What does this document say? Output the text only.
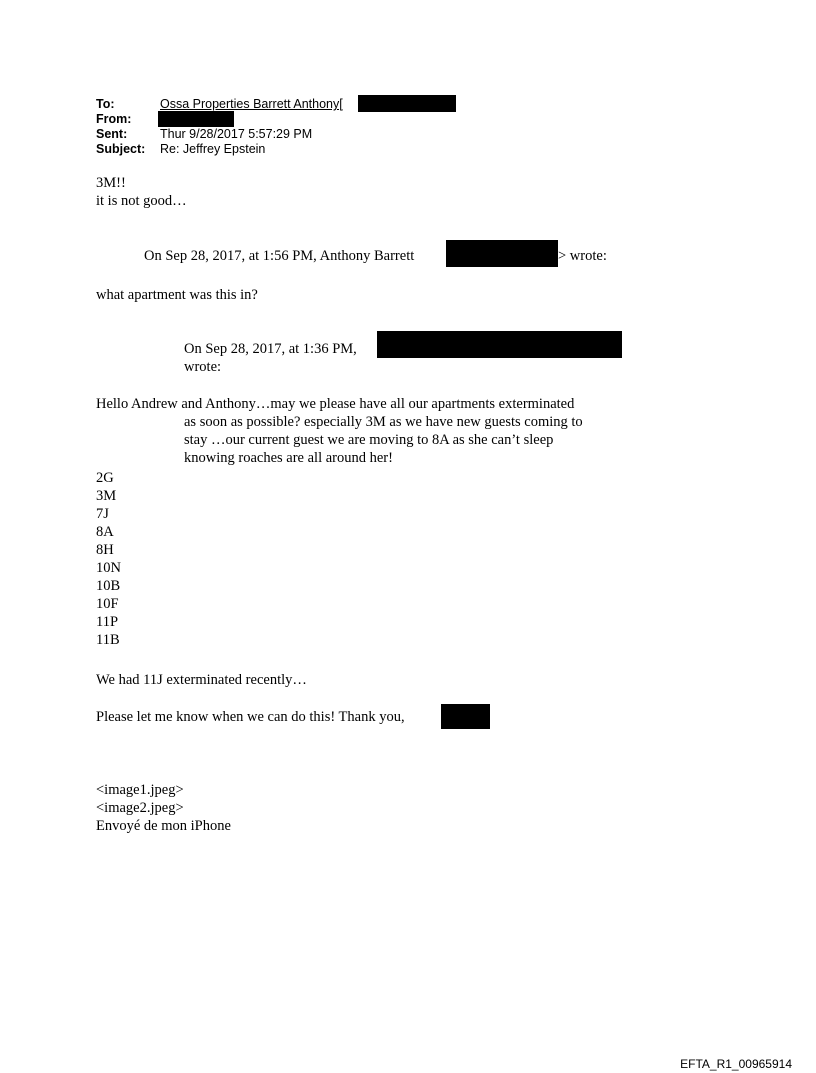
To:	Ossa Properties Barrett Anthony[
From:
Sent:	Thur 9/28/2017 5:57:29 PM
Subject: Re: Jeffrey Epstein
3M!!
it is not good…
On Sep 28, 2017, at 1:56 PM, Anthony Barrett	> wrote:
what apartment was this in?
On Sep 28, 2017, at 1:36 PM,
wrote:
Hello Andrew and Anthony…may we please have all our apartments exterminated
as soon as possible? especially 3M as we have new guests coming to
stay …our current guest we are moving to 8A as she can’t sleep
knowing roaches are all around her!
2G
3M
7J
8A
8H
10N
10B
10F
11P
11B
We had 11J exterminated recently…
Please let me know when we can do this! Thank you,
<image1.jpeg>
<image2.jpeg>
Envoyé de mon iPhone
EFTA_R1_00965914
